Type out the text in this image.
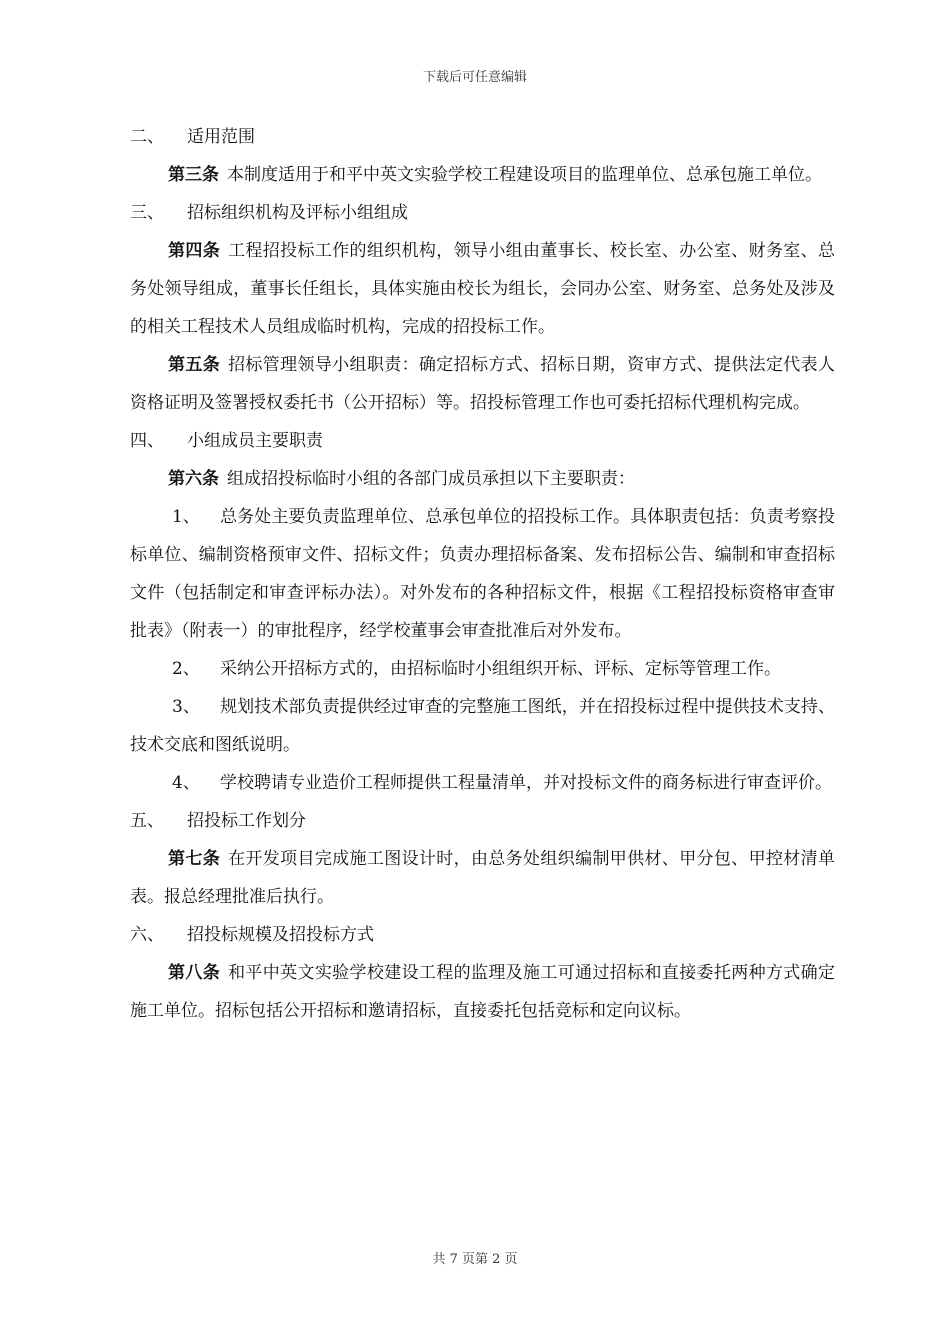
下载后可任意编辑

二、 适用范围

第三条 本制度适用于和平中英文实验学校工程建设项目的监理单位、总承包施工单位。

三、 招标组织机构及评标小组组成

第四条 工程招投标工作的组织机构，领导小组由董事长、校长室、办公室、财务室、总务处领导组成，董事长任组长，具体实施由校长为组长，会同办公室、财务室、总务处及涉及的相关工程技术人员组成临时机构，完成的招投标工作。

第五条 招标管理领导小组职责：确定招标方式、招标日期，资审方式、提供法定代表人资格证明及签署授权委托书（公开招标）等。招投标管理工作也可委托招标代理机构完成。

四、 小组成员主要职责

第六条 组成招投标临时小组的各部门成员承担以下主要职责：

1、 总务处主要负责监理单位、总承包单位的招投标工作。具体职责包括：负责考察投标单位、编制资格预审文件、招标文件；负责办理招标备案、发布招标公告、编制和审查招标文件（包括制定和审查评标办法）。对外发布的各种招标文件，根据《工程招投标资格审查审批表》（附表一）的审批程序，经学校董事会审查批准后对外发布。

2、 采纳公开招标方式的，由招标临时小组组织开标、评标、定标等管理工作。

3、 规划技术部负责提供经过审查的完整施工图纸，并在招投标过程中提供技术支持、技术交底和图纸说明。

4、 学校聘请专业造价工程师提供工程量清单，并对投标文件的商务标进行审查评价。

五、 招投标工作划分

第七条 在开发项目完成施工图设计时，由总务处组织编制甲供材、甲分包、甲控材清单表。报总经理批准后执行。

六、 招投标规模及招投标方式

第八条 和平中英文实验学校建设工程的监理及施工可通过招标和直接委托两种方式确定施工单位。招标包括公开招标和邀请招标，直接委托包括竞标和定向议标。

共 7 页第 2 页
